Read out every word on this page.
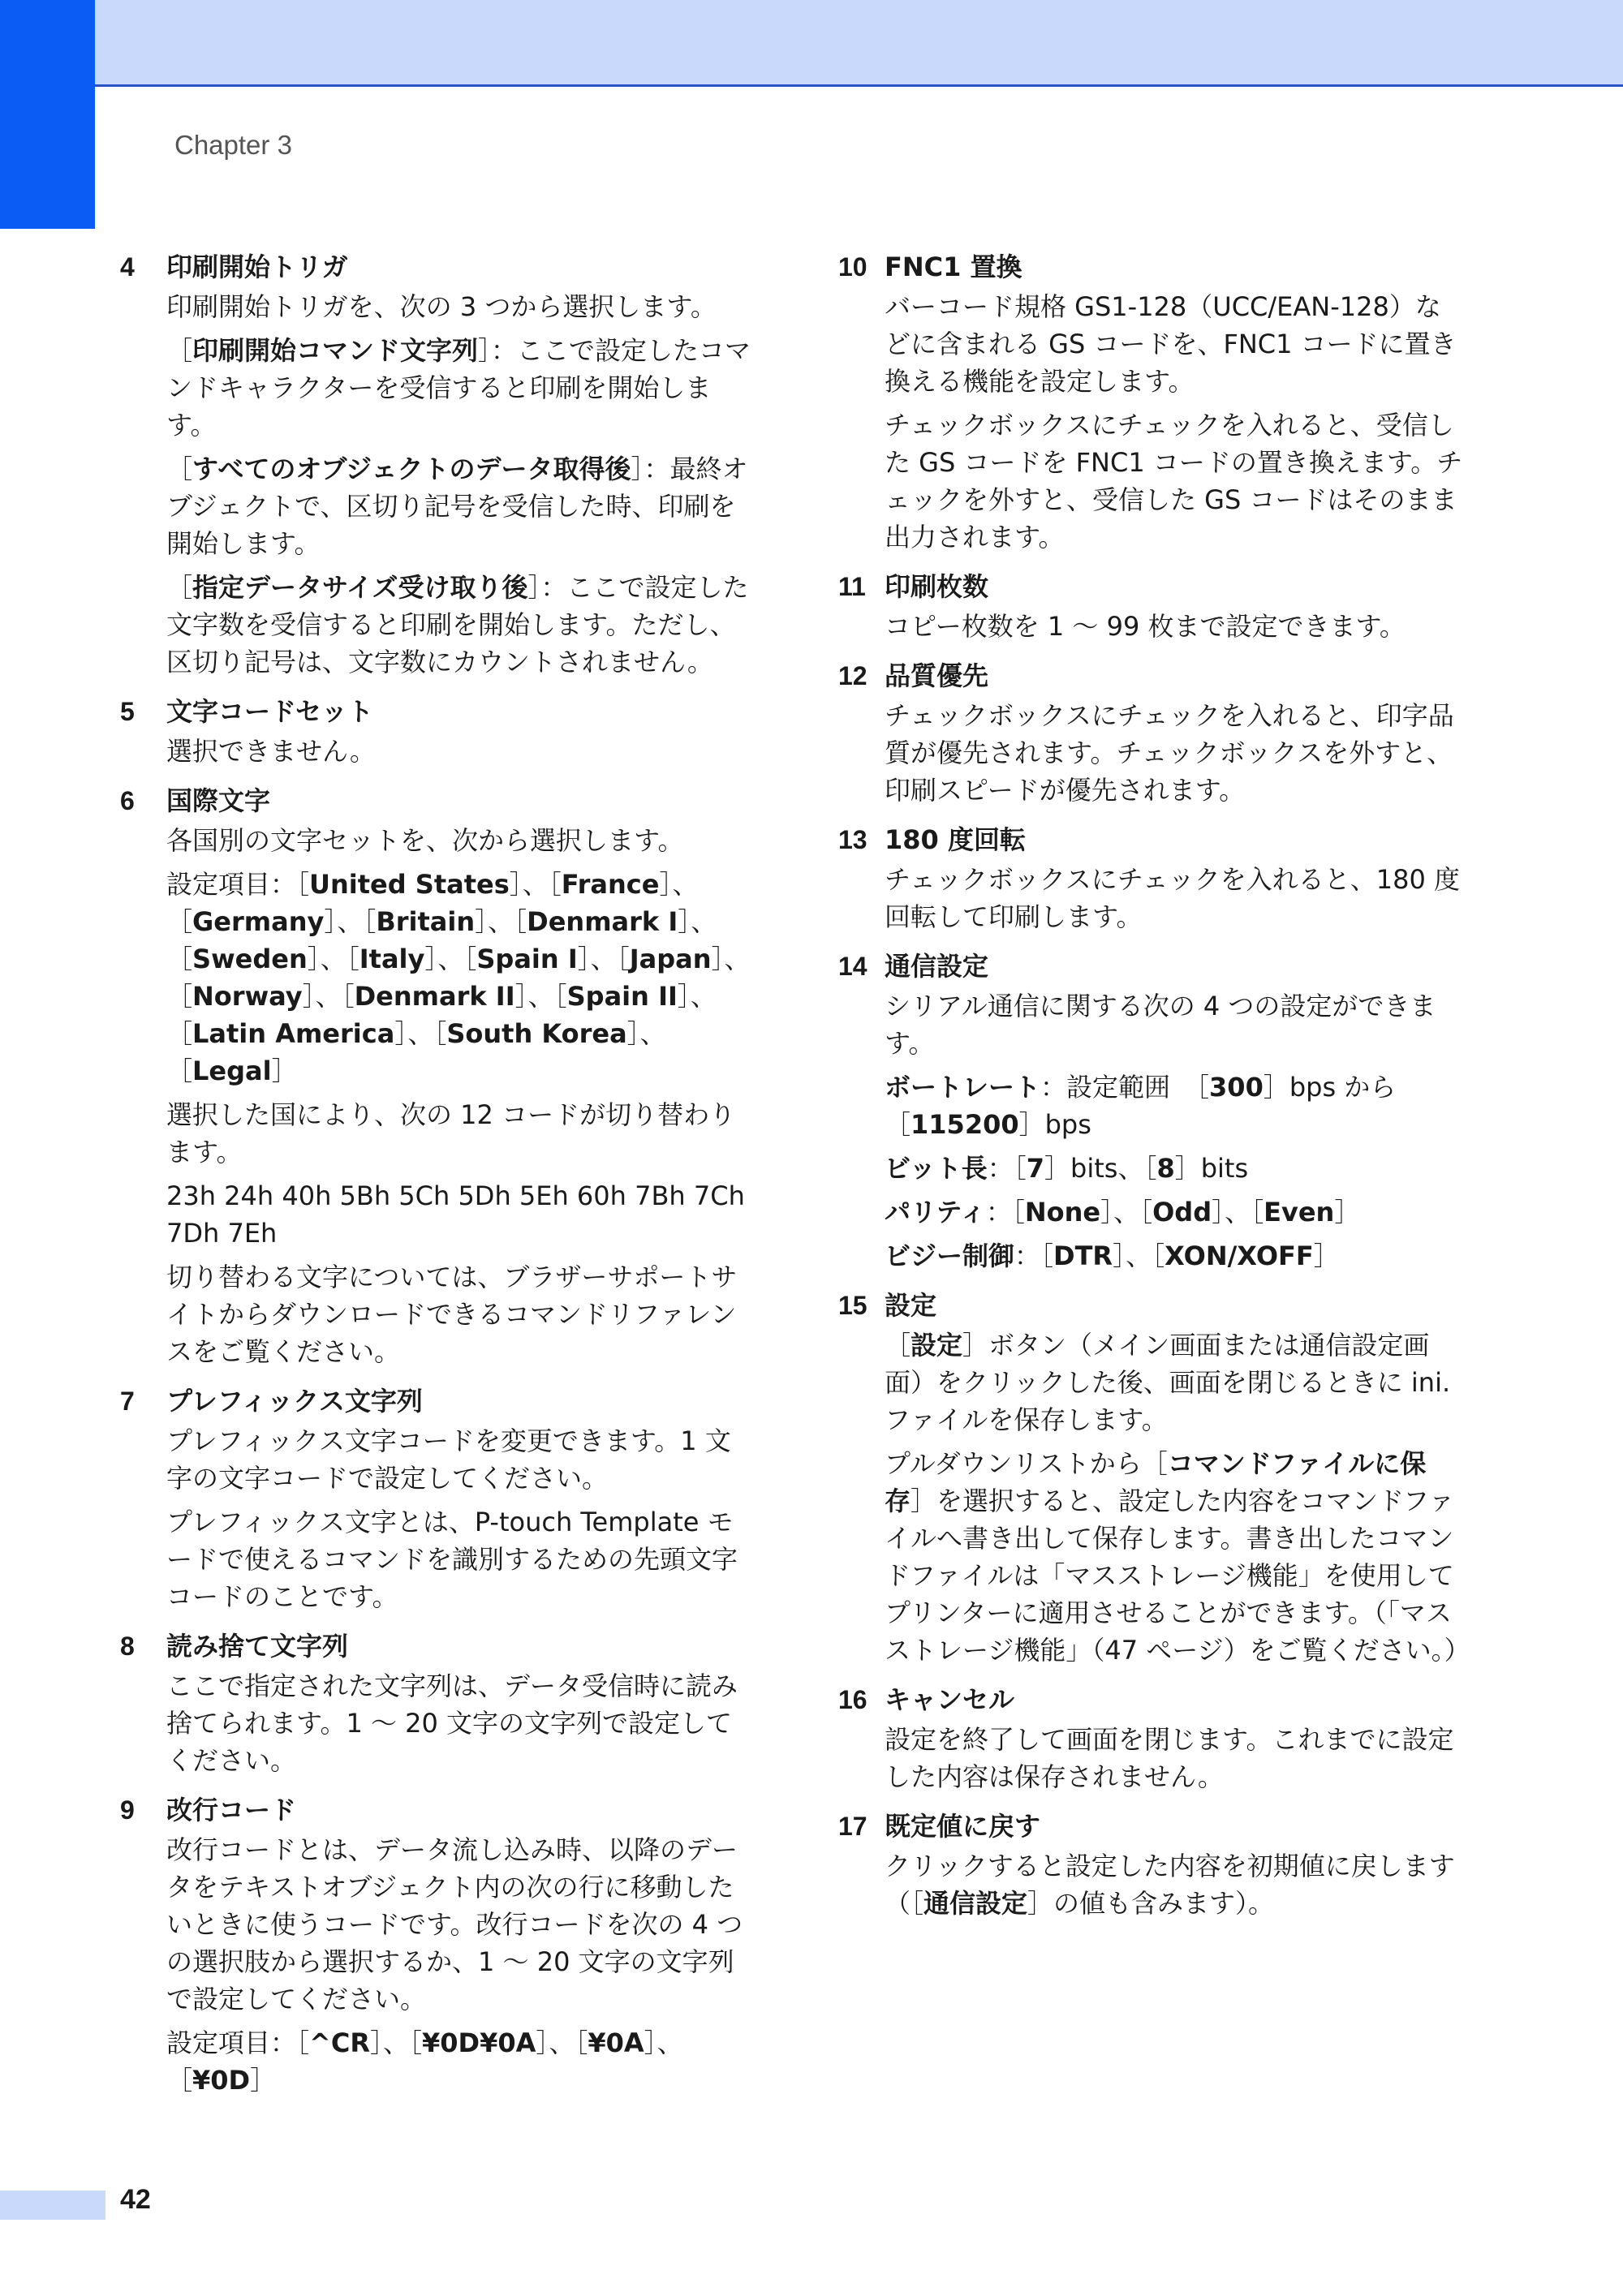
Chapter 3
4 印刷開始トリガ
印刷開始トリガを、次の 3 つから選択します。
［印刷開始コマンド文字列］：ここで設定したコマンドキャラクターを受信すると印刷を開始します。
［すべてのオブジェクトのデータ取得後］：最終オブジェクトで、区切り記号を受信した時、印刷を開始します。
［指定データサイズ受け取り後］：ここで設定した文字数を受信すると印刷を開始します。ただし、区切り記号は、文字数にカウントされません。
5 文字コードセット
選択できません。
6 国際文字
各国別の文字セットを、次から選択します。
設定項目：［United States］、［France］、［Germany］、［Britain］、［Denmark I］、［Sweden］、［Italy］、［Spain I］、［Japan］、［Norway］、［Denmark II］、［Spain II］、［Latin America］、［South Korea］、［Legal］
選択した国により、次の 12 コードが切り替わります。
23h 24h 40h 5Bh 5Ch 5Dh 5Eh 60h 7Bh 7Ch 7Dh 7Eh
切り替わる文字については、ブラザーサポートサイトからダウンロードできるコマンドリファレンスをご覧ください。
7 プレフィックス文字列
プレフィックス文字コードを変更できます。1 文字の文字コードで設定してください。
プレフィックス文字とは、P-touch Template モードで使えるコマンドを識別するための先頭文字コードのことです。
8 読み捨て文字列
ここで指定された文字列は、データ受信時に読み捨てられます。1 ～ 20 文字の文字列で設定してください。
9 改行コード
改行コードとは、データ流し込み時、以降のデータをテキストオブジェクト内の次の行に移動したいときに使うコードです。改行コードを次の 4 つの選択肢から選択するか、1 ～ 20 文字の文字列で設定してください。
設定項目：［^CR］、［¥0D¥0A］、［¥0A］、［¥0D］
10 FNC1 置換
バーコード規格 GS1-128（UCC/EAN-128）などに含まれる GS コードを、FNC1 コードに置き換える機能を設定します。
チェックボックスにチェックを入れると、受信した GS コードを FNC1 コードの置き換えます。チェックを外すと、受信した GS コードはそのまま出力されます。
11 印刷枚数
コピー枚数を 1 ～ 99 枚まで設定できます。
12 品質優先
チェックボックスにチェックを入れると、印字品質が優先されます。チェックボックスを外すと、印刷スピードが優先されます。
13 180 度回転
チェックボックスにチェックを入れると、180 度回転して印刷します。
14 通信設定
シリアル通信に関する次の 4 つの設定ができます。
ボートレート：設定範囲　［300］bps から［115200］bps
ビット長：［7］bits、［8］bits
パリティ：［None］、［Odd］、［Even］
ビジー制御：［DTR］、［XON/XOFF］
15 設定
［設定］ボタン（メイン画面または通信設定画面）をクリックした後、画面を閉じるときに ini. ファイルを保存します。
プルダウンリストから［コマンドファイルに保存］を選択すると、設定した内容をコマンドファイルへ書き出して保存します。書き出したコマンドファイルは「マスストレージ機能」を使用してプリンターに適用させることができます。（「マスストレージ機能」（47 ページ）をご覧ください。）
16 キャンセル
設定を終了して画面を閉じます。これまでに設定した内容は保存されません。
17 既定値に戻す
クリックすると設定した内容を初期値に戻します（［通信設定］の値も含みます）。
42
